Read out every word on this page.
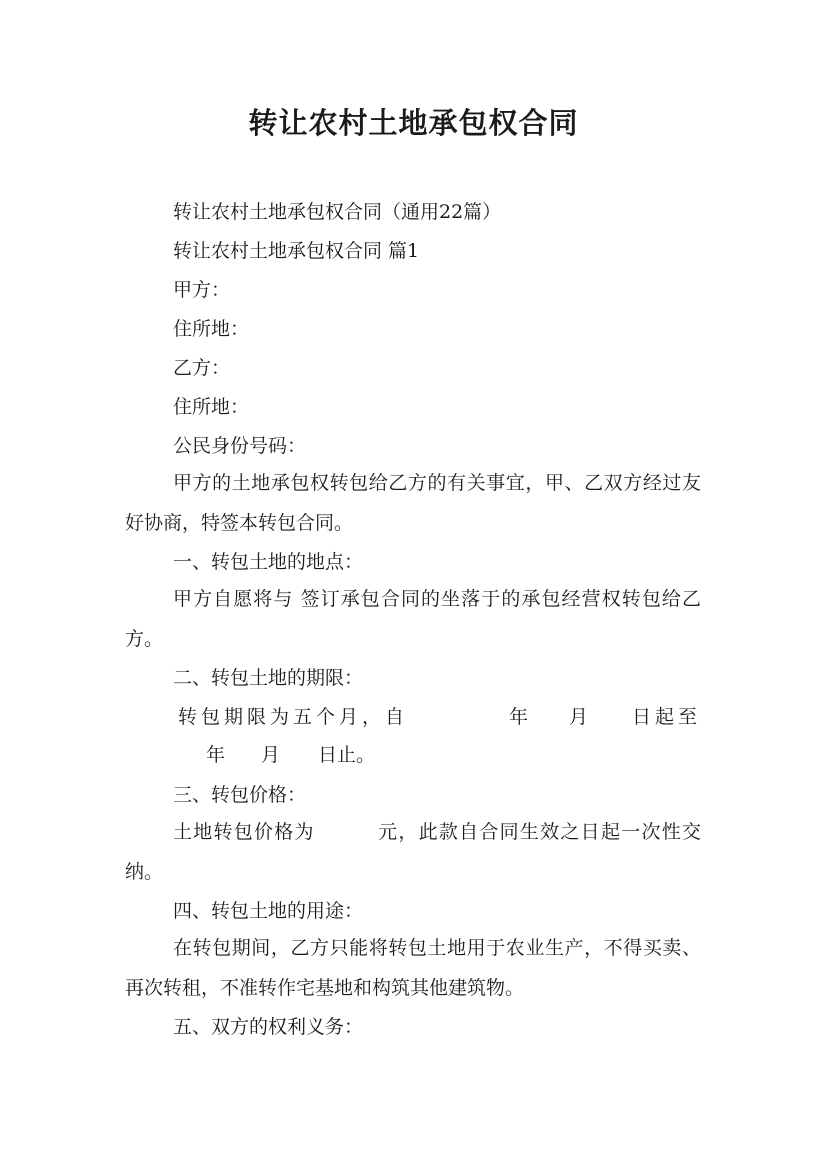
转让农村土地承包权合同
转让农村土地承包权合同（通用22篇）
转让农村土地承包权合同 篇1
甲方：
住所地：
乙方：
住所地：
公民身份号码：
甲方的土地承包权转包给乙方的有关事宜，甲、乙双方经过友好协商，特签本转包合同。
一、转包土地的地点：
甲方自愿将与 签订承包合同的坐落于的承包经营权转包给乙方。
二、转包土地的期限：
转包期限为五个月，自	年 月 日起至
年 月 日止。
三、转包价格：
土地转包价格为	元，此款自合同生效之日起一次性交纳。
四、转包土地的用途：
在转包期间，乙方只能将转包土地用于农业生产，不得买卖、再次转租，不准转作宅基地和构筑其他建筑物。
五、双方的权利义务：
